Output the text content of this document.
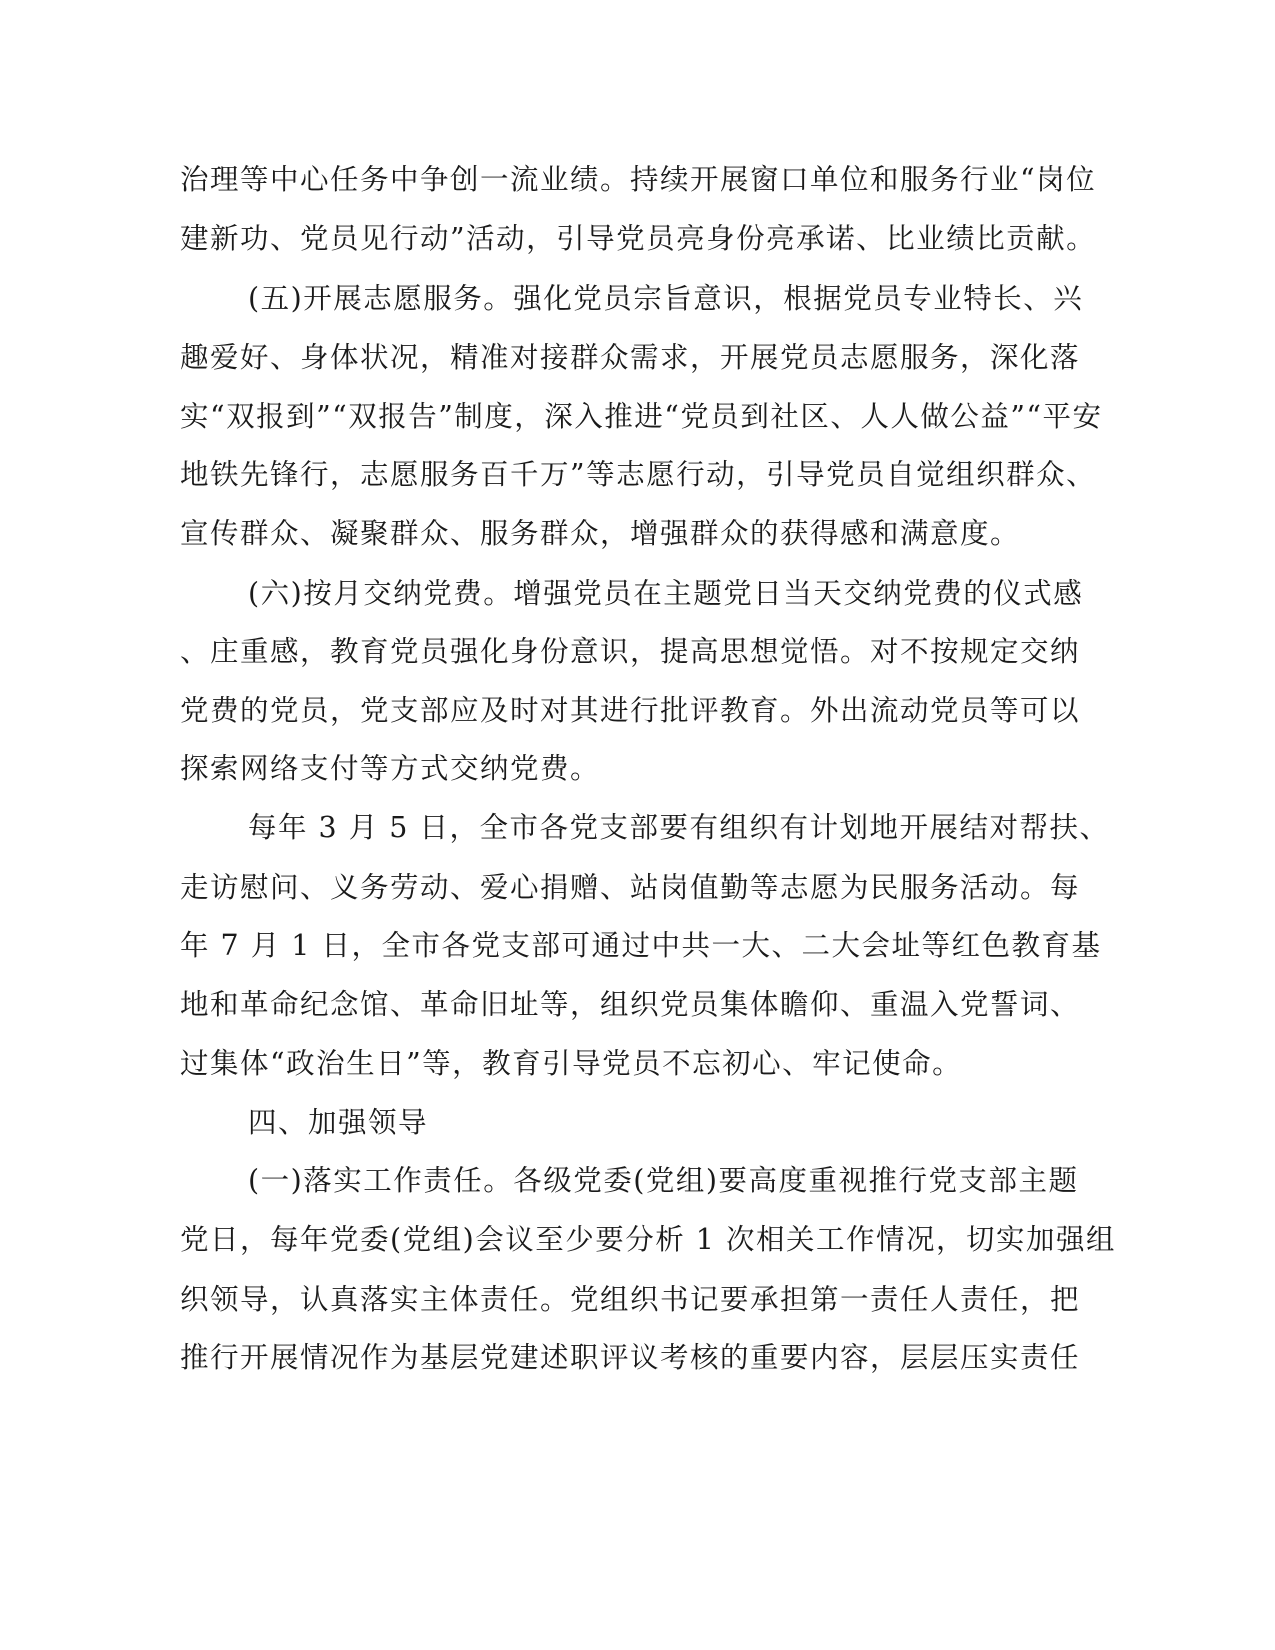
治理等中心任务中争创一流业绩。持续开展窗口单位和服务行业“岗位
建新功、党员见行动”活动，引导党员亮身份亮承诺、比业绩比贡献。
(五)开展志愿服务。强化党员宗旨意识，根据党员专业特长、兴
趣爱好、身体状况，精准对接群众需求，开展党员志愿服务，深化落
实“双报到”“双报告”制度，深入推进“党员到社区、人人做公益”“平安
地铁先锋行，志愿服务百千万”等志愿行动，引导党员自觉组织群众、
宣传群众、凝聚群众、服务群众，增强群众的获得感和满意度。
(六)按月交纳党费。增强党员在主题党日当天交纳党费的仪式感
、庄重感，教育党员强化身份意识，提高思想觉悟。对不按规定交纳
党费的党员，党支部应及时对其进行批评教育。外出流动党员等可以
探索网络支付等方式交纳党费。
每年 3 月 5 日，全市各党支部要有组织有计划地开展结对帮扶、
走访慰问、义务劳动、爱心捐赠、站岗值勤等志愿为民服务活动。每
年 7 月 1 日，全市各党支部可通过中共一大、二大会址等红色教育基
地和革命纪念馆、革命旧址等，组织党员集体瞻仰、重温入党誓词、
过集体“政治生日”等，教育引导党员不忘初心、牢记使命。
四、加强领导
(一)落实工作责任。各级党委(党组)要高度重视推行党支部主题
党日，每年党委(党组)会议至少要分析 1 次相关工作情况，切实加强组
织领导，认真落实主体责任。党组织书记要承担第一责任人责任，把
推行开展情况作为基层党建述职评议考核的重要内容，层层压实责任
